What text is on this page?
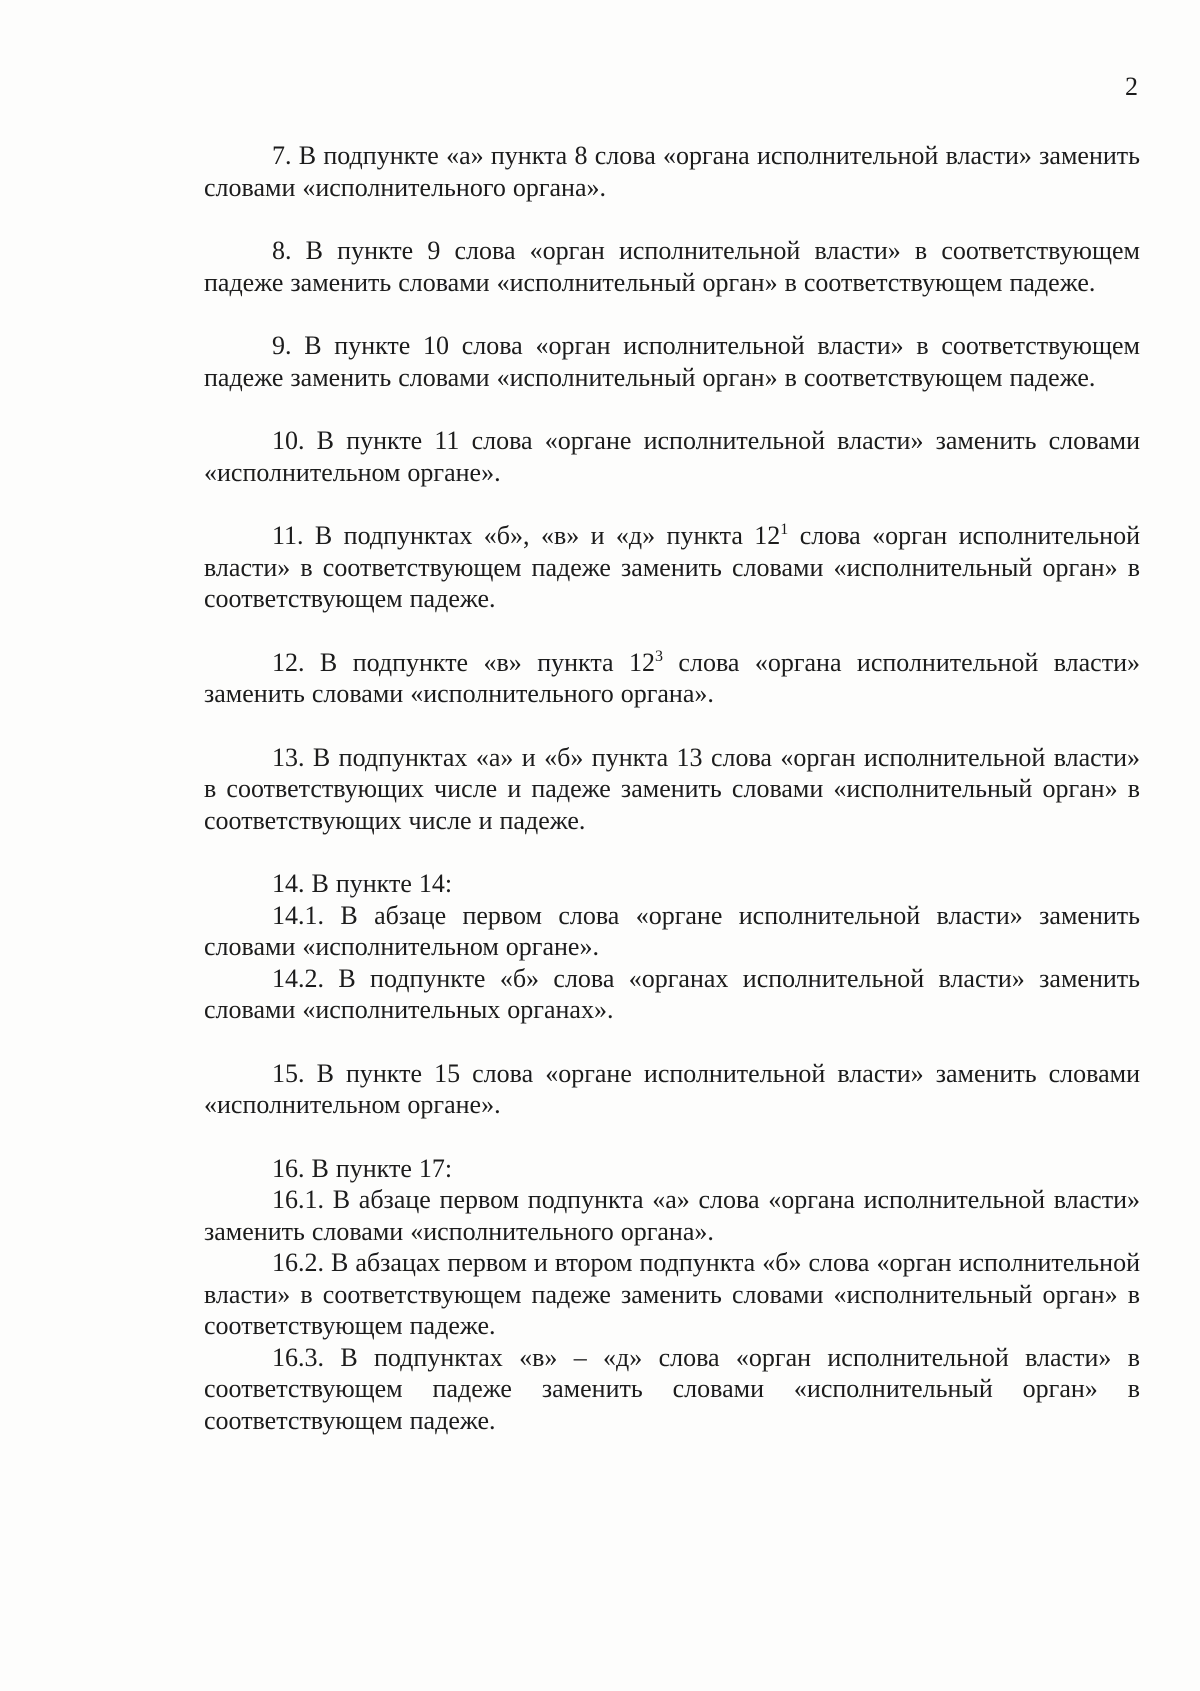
2

7. В подпункте «а» пункта 8 слова «органа исполнительной власти» заменить словами «исполнительного органа».

8. В пункте 9 слова «орган исполнительной власти» в соответствующем падеже заменить словами «исполнительный орган» в соответствующем падеже.

9. В пункте 10 слова «орган исполнительной власти» в соответствующем падеже заменить словами «исполнительный орган» в соответствующем падеже.

10. В пункте 11 слова «органе исполнительной власти» заменить словами «исполнительном органе».

11. В подпунктах «б», «в» и «д» пункта $12^1$ слова «орган исполнительной власти» в соответствующем падеже заменить словами «исполнительный орган» в соответствующем падеже.

12. В подпункте «в» пункта $12^3$ слова «органа исполнительной власти» заменить словами «исполнительного органа».

13. В подпунктах «а» и «б» пункта 13 слова «орган исполнительной власти» в соответствующих числе и падеже заменить словами «исполнительный орган» в соответствующих числе и падеже.

14. В пункте 14:

14.1. В абзаце первом слова «органе исполнительной власти» заменить словами «исполнительном органе».

14.2. В подпункте «б» слова «органах исполнительной власти» заменить словами «исполнительных органах».

15. В пункте 15 слова «органе исполнительной власти» заменить словами «исполнительном органе».

16. В пункте 17:

16.1. В абзаце первом подпункта «а» слова «органа исполнительной власти» заменить словами «исполнительного органа».

16.2. В абзацах первом и втором подпункта «б» слова «орган исполнительной власти» в соответствующем падеже заменить словами «исполнительный орган» в соответствующем падеже.

16.3. В подпунктах «в» – «д» слова «орган исполнительной власти» в соответствующем падеже заменить словами «исполнительный орган» в соответствующем падеже.
